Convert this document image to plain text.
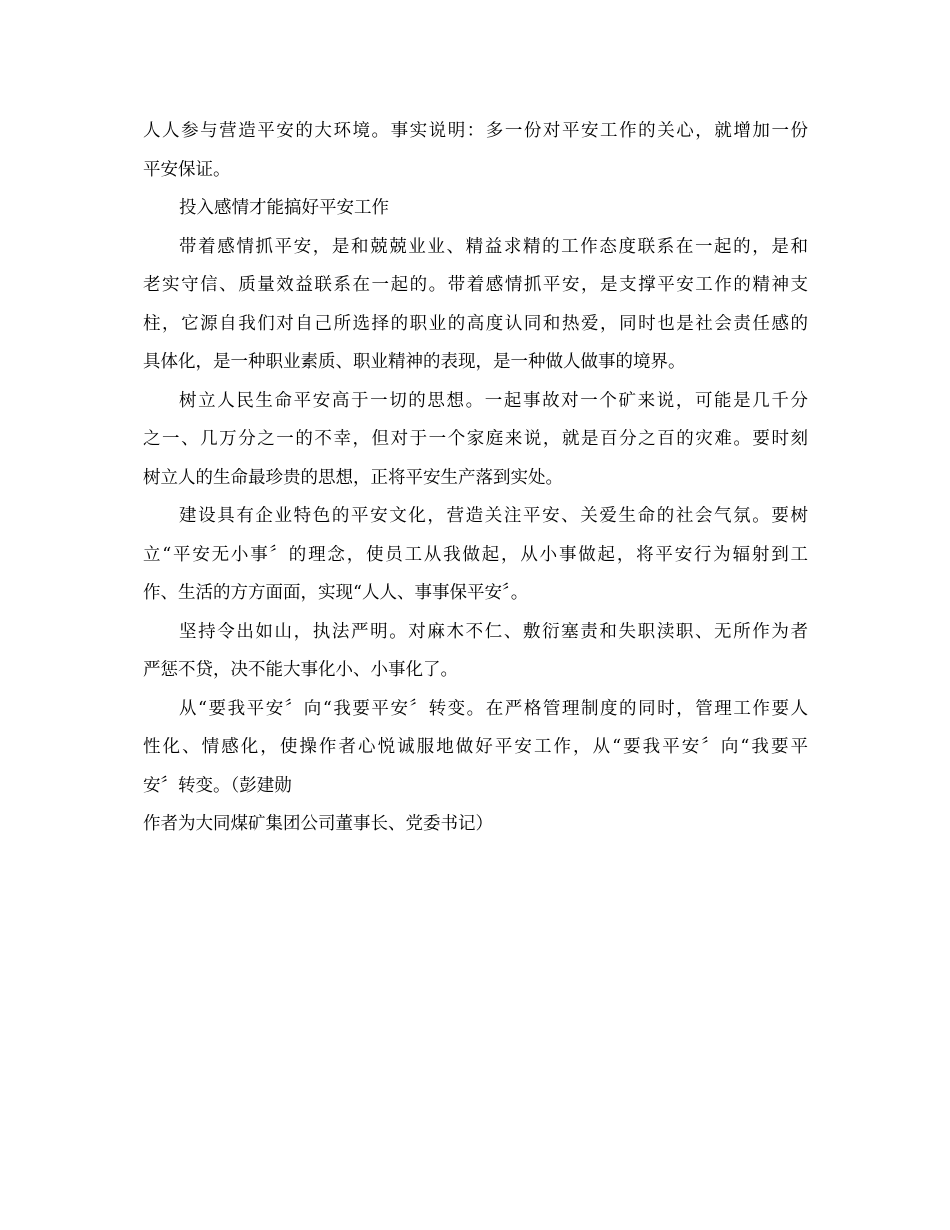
人人参与营造平安的大环境。事实说明：多一份对平安工作的关心，就增加一份
平安保证。
投入感情才能搞好平安工作
带着感情抓平安，是和兢兢业业、精益求精的工作态度联系在一起的，是和
老实守信、质量效益联系在一起的。带着感情抓平安，是支撑平安工作的精神支
柱，它源自我们对自己所选择的职业的高度认同和热爱，同时也是社会责任感的
具体化，是一种职业素质、职业精神的表现，是一种做人做事的境界。
树立人民生命平安高于一切的思想。一起事故对一个矿来说，可能是几千分
之一、几万分之一的不幸，但对于一个家庭来说，就是百分之百的灾难。要时刻
树立人的生命最珍贵的思想，正将平安生产落到实处。
建设具有企业特色的平安文化，营造关注平安、关爱生命的社会气氛。要树
立“平安无小事〞的理念，使员工从我做起，从小事做起，将平安行为辐射到工
作、生活的方方面面，实现“人人、事事保平安〞。
坚持令出如山，执法严明。对麻木不仁、敷衍塞责和失职渎职、无所作为者
严惩不贷，决不能大事化小、小事化了。
从“要我平安〞向“我要平安〞转变。在严格管理制度的同时，管理工作要人
性化、情感化，使操作者心悦诚服地做好平安工作，从“要我平安〞向“我要平
安〞转变。（彭建勋
作者为大同煤矿集团公司董事长、党委书记）
